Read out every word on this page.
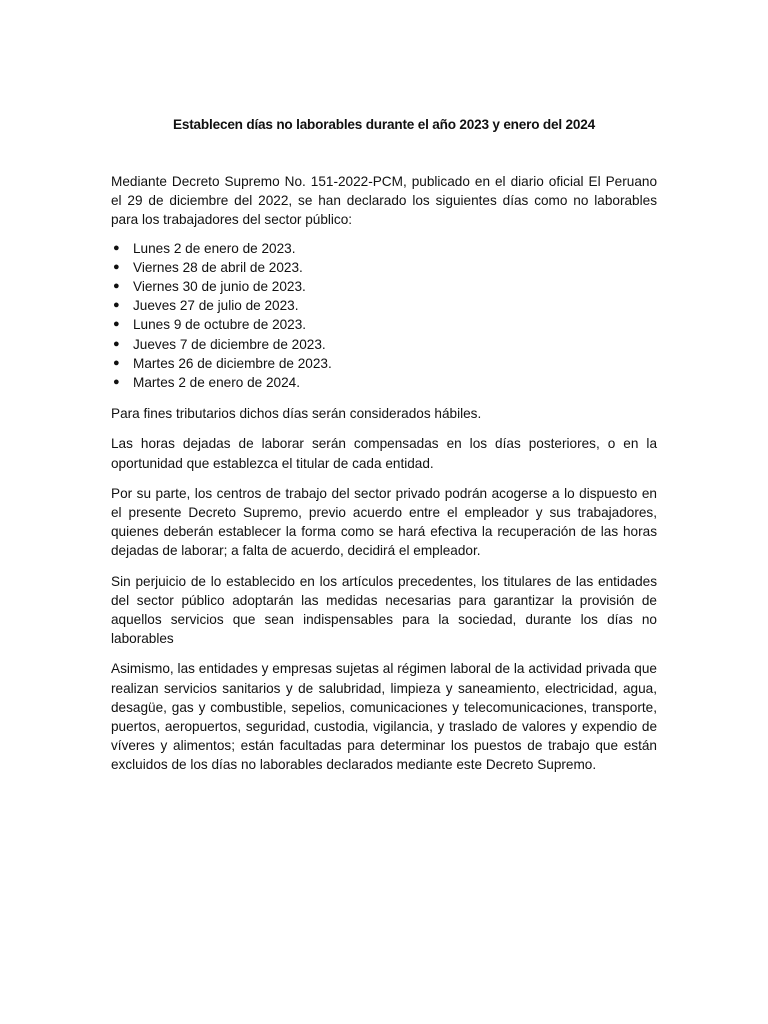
Establecen días no laborables durante el año 2023 y enero del 2024

Mediante Decreto Supremo No. 151-2022-PCM, publicado en el diario oficial El Peruano el 29 de diciembre del 2022, se han declarado los siguientes días como no laborables para los trabajadores del sector público:

● Lunes 2 de enero de 2023.
● Viernes 28 de abril de 2023.
● Viernes 30 de junio de 2023.
● Jueves 27 de julio de 2023.
● Lunes 9 de octubre de 2023.
● Jueves 7 de diciembre de 2023.
● Martes 26 de diciembre de 2023.
● Martes 2 de enero de 2024.

Para fines tributarios dichos días serán considerados hábiles.

Las horas dejadas de laborar serán compensadas en los días posteriores, o en la oportunidad que establezca el titular de cada entidad.

Por su parte, los centros de trabajo del sector privado podrán acogerse a lo dispuesto en el presente Decreto Supremo, previo acuerdo entre el empleador y sus trabajadores, quienes deberán establecer la forma como se hará efectiva la recuperación de las horas dejadas de laborar; a falta de acuerdo, decidirá el empleador.

Sin perjuicio de lo establecido en los artículos precedentes, los titulares de las entidades del sector público adoptarán las medidas necesarias para garantizar la provisión de aquellos servicios que sean indispensables para la sociedad, durante los días no laborables

Asimismo, las entidades y empresas sujetas al régimen laboral de la actividad privada que realizan servicios sanitarios y de salubridad, limpieza y saneamiento, electricidad, agua, desagüe, gas y combustible, sepelios, comunicaciones y telecomunicaciones, transporte, puertos, aeropuertos, seguridad, custodia, vigilancia, y traslado de valores y expendio de víveres y alimentos; están facultadas para determinar los puestos de trabajo que están excluidos de los días no laborables declarados mediante este Decreto Supremo.
